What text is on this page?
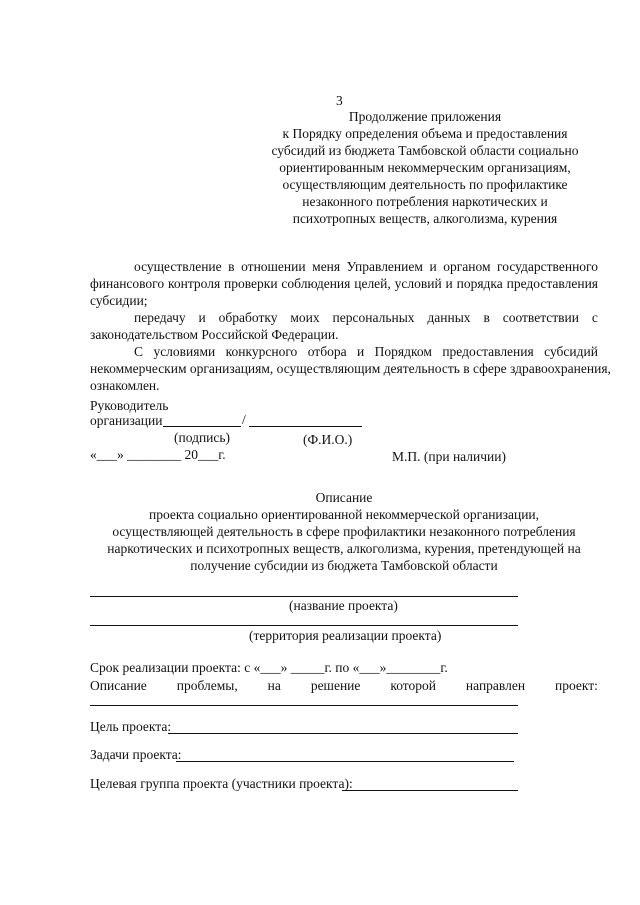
3
Продолжение приложения
к Порядку определения объема и предоставления
субсидий из бюджета Тамбовской области социально
ориентированным некоммерческим организациям,
осуществляющим деятельность по профилактике
незаконного потребления наркотических и
психотропных веществ, алкоголизма, курения
осуществление в отношении меня Управлением и органом государственного
финансового контроля проверки соблюдения целей, условий и порядка предоставления
субсидии;
передачу и обработку моих персональных данных в соответствии с
законодательством Российской Федерации.
С условиями конкурсного отбора и Порядком предоставления субсидий
некоммерческим организациям, осуществляющим деятельность в сфере здравоохранения,
ознакомлен.
Руководитель
организации	/
(подпись)	(Ф.И.О.)
«___» ________ 20___г.	М.П. (при наличии)
Описание
проекта социально ориентированной некоммерческой организации,
осуществляющей деятельность в сфере профилактики незаконного потребления
наркотических и психотропных веществ, алкоголизма, курения, претендующей на
получение субсидии из бюджета Тамбовской области
(название проекта)
(территория реализации проекта)
Срок реализации проекта: с «___» _____г. по «___»________г.
Описание проблемы, на решение которой направлен проект:
Цель проекта:
Задачи проекта:
Целевая группа проекта (участники проекта):
